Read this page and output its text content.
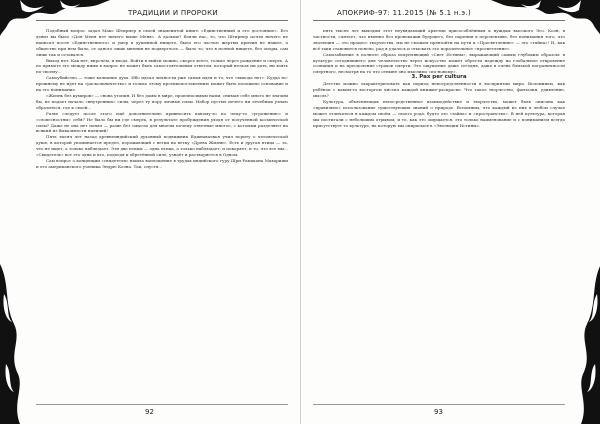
ТРАДИЦИИ И ПРОРОКИ

Подобный вопрос задал Макс Штирнер в своей знаменитой книге «Единственный и его достояние». Его девиз вы было «Для Меня нет ничего выше Меня». А дальше? Взяли нас, то, что Штирнер почти ничего не написал после «Единственного» и умер в душевной нищете, было его частью жертвы причин не нашел, а общество при нем было, от одного лишь мнения не подверглось — было то, что в полной нищете, без опоры, сам лишь так и оставался.

Выход нет. Как нет, впрочем, и входа. Войти в выйти можно, скорее всего, только через рождение и смерть. А по прямоте его между ними в вопрос не может быть самостоятельным ответом, который нельзя ни дать, ни взять по-своему...

Самоубийство — тоже калиание духа. Ибо идеал личности уже самая идея и то, что «выхода нет». Будда по-прежнему не идет на «раскольничество» и только этому противопоставлению может быть положено основание и на его понимание.

«Жизнь без кумиров» — снова утопия. И без дамы в мире, произносимым нами, снимая себе много не значим бы, не падает начало «внутренних» силы, через ту пору личные силы. Набор пустых нечего ни лечебных узнаю обратиться, где к своей...

Разве следует после этого ещё дополнительно привносить какому-то по чему-то «угрожению» и «словесностям» себя? Не было бы ни где смерть, в результате пробуждения уходя от полученной космической силы? Даже не она нет понял — разве без смысла для многих почему ответные многое, с котоыми разделяют на всякий из бывальности наличий!

Пять тысяч лет назад древнеиндийский духовный подвижник Яджнавалкья учил пориту о человеческой душе, в которой упоминается предел, порожающий с ветки на ветку «Древа Жизни». Есть и другая птица — та, что не ищет, а только наблюдает. Эти две птицы — одна птица, а только наблюдает, и покоряет, и то, что все мы... «Свидетель» вот это одна и кто, подходя к обретённой силе, узнаёт и растворяется в Одном.

Сам вопрос о концепции «свидетеля» нашла воплощение в трудах индийского гуру Шри Рамакана Махариши и его американского ученика Эндрю Коэна. Так, спустя...

92
АПОКРИФ-97: 11.2015 (№ 5.1 н.э.)

пять тысяч лет выходим этот неувядающий архетип присособлённым к нуждам высокого Эго. Коэн, в частности, считает, что именно без провокации будущего, без парения в перспективе, без понимания того, что эволюция — это процесс творчества, мы не сможем превзойти на пути к «Просветлению» — это «тайна»! И, как всё таки становится поясно, рад я удалось и отыскать это поразительное «просветление».

Самозабвение в полноте образа искупляющий «Свет Истины», выражающий самым глубоким образом: в культуре сегодняшнего дня человечество через искусство может обрести надежду на глобальное откровение сознания и на преодоление страхов смерти. Это ощущение даже сегодня, даже в очень близкой пограничности смертного, несмотря на то что отныне оно мыслимо «по-новому».

3. Pax per cultura

Детство можно охарактеризовать как период непосредственности в восприятии мира. Вспоминаю, как ребёнок с каким-то восторгом чистил каждой книжке-раскраске. Что такое творчество, фантазия, удивление, мысль?

Культура, объясняющая непосредственное взаимодействие и творчество, может быть описана как «правильно» использование существующих знаний о природе. Вспомним, что каждый из них в любом случае может отличаться в каждом своём — своего рода, будто это «тайна» и «пространство». В ней культура, которая мы постигали с небольшим отрывом, и то, как это ощущается, это только наименование и с пониманием всегда присутствует то культуре, на которую мы опираемся в «Эволюции Истины».

93
